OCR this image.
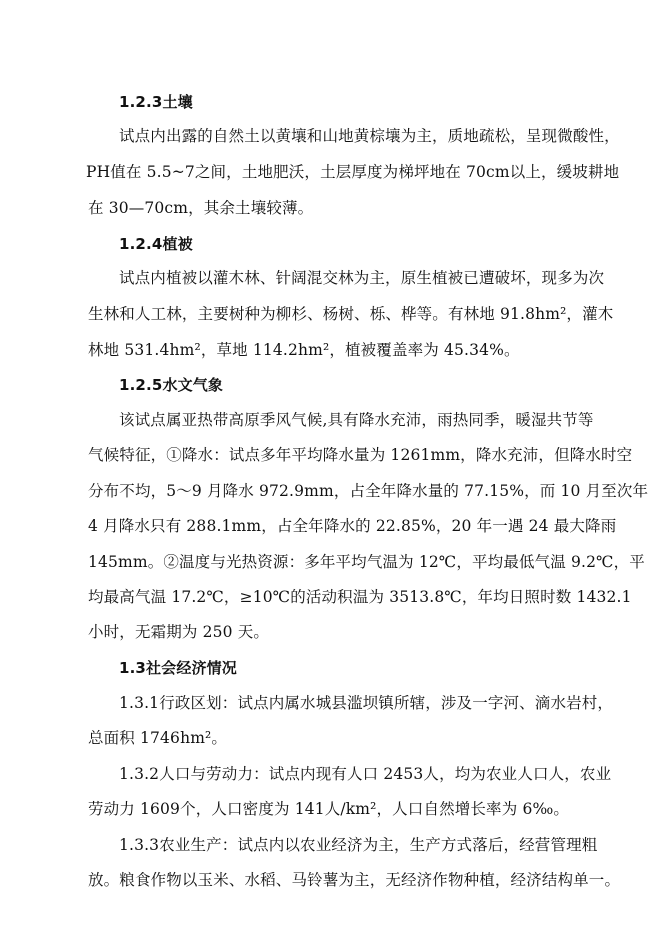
1.2.3土壤
试点内出露的自然土以黄壤和山地黄棕壤为主，质地疏松，呈现微酸性，
PH值在 5.5~7之间，土地肥沃，土层厚度为梯坪地在 70cm以上，缓坡耕地
在 30—70cm，其余土壤较薄。
1.2.4植被
试点内植被以灌木林、针阔混交林为主，原生植被已遭破坏，现多为次
生林和人工林，主要树种为柳杉、杨树、栎、桦等。有林地 91.8hm²，灌木
林地 531.4hm²，草地 114.2hm²，植被覆盖率为 45.34%。
1.2.5水文气象
该试点属亚热带高原季风气候,具有降水充沛，雨热同季，暖湿共节等
气候特征，①降水：试点多年平均降水量为 1261mm，降水充沛，但降水时空
分布不均，5～9 月降水 972.9mm，占全年降水量的 77.15%，而 10 月至次年
4 月降水只有 288.1mm，占全年降水的 22.85%，20 年一遇 24 最大降雨
145mm。②温度与光热资源：多年平均气温为 12℃，平均最低气温 9.2℃，平
均最高气温 17.2℃，≥10℃的活动积温为 3513.8℃，年均日照时数 1432.1
小时，无霜期为 250 天。
1.3社会经济情况
1.3.1行政区划：试点内属水城县滥坝镇所辖，涉及一字河、滴水岩村，
总面积 1746hm²。
1.3.2人口与劳动力：试点内现有人口 2453人，均为农业人口人，农业
劳动力 1609个，人口密度为 141人/km²，人口自然增长率为 6‰。
1.3.3农业生产：试点内以农业经济为主，生产方式落后，经营管理粗
放。粮食作物以玉米、水稻、马铃薯为主，无经济作物种植，经济结构单一。
